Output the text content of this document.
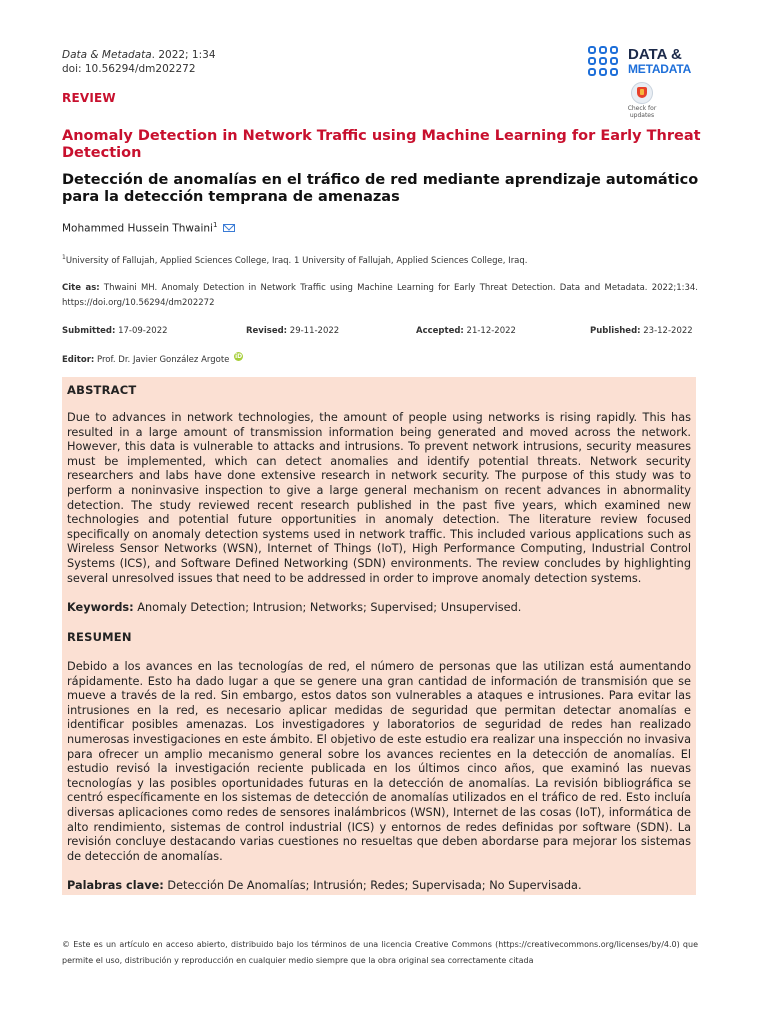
Data & Metadata. 2022; 1:34
doi: 10.56294/dm202272
DATA &
METADATA
Check for
updates
REVIEW
Anomaly Detection in Network Traffic using Machine Learning for Early Threat Detection
Detección de anomalías en el tráfico de red mediante aprendizaje automático para la detección temprana de amenazas
Mohammed Hussein Thwaini$^1$
$^1$University of Fallujah, Applied Sciences College, Iraq. 1 University of Fallujah, Applied Sciences College, Iraq.
Cite as: Thwaini MH. Anomaly Detection in Network Traffic using Machine Learning for Early Threat Detection. Data and Metadata. 2022;1:34. https://doi.org/10.56294/dm202272
Submitted: 17-09-2022	Revised: 29-11-2022	Accepted: 21-12-2022	Published: 23-12-2022
Editor: Prof. Dr. Javier González Argote iD
ABSTRACT
Due to advances in network technologies, the amount of people using networks is rising rapidly. This has resulted in a large amount of transmission information being generated and moved across the network. However, this data is vulnerable to attacks and intrusions. To prevent network intrusions, security measures must be implemented, which can detect anomalies and identify potential threats. Network security researchers and labs have done extensive research in network security. The purpose of this study was to perform a noninvasive inspection to give a large general mechanism on recent advances in abnormality detection. The study reviewed recent research published in the past five years, which examined new technologies and potential future opportunities in anomaly detection. The literature review focused specifically on anomaly detection systems used in network traffic. This included various applications such as Wireless Sensor Networks (WSN), Internet of Things (IoT), High Performance Computing, Industrial Control Systems (ICS), and Software Defined Networking (SDN) environments. The review concludes by highlighting several unresolved issues that need to be addressed in order to improve anomaly detection systems.
Keywords: Anomaly Detection; Intrusion; Networks; Supervised; Unsupervised.
RESUMEN
Debido a los avances en las tecnologías de red, el número de personas que las utilizan está aumentando rápidamente. Esto ha dado lugar a que se genere una gran cantidad de información de transmisión que se mueve a través de la red. Sin embargo, estos datos son vulnerables a ataques e intrusiones. Para evitar las intrusiones en la red, es necesario aplicar medidas de seguridad que permitan detectar anomalías e identificar posibles amenazas. Los investigadores y laboratorios de seguridad de redes han realizado numerosas investigaciones en este ámbito. El objetivo de este estudio era realizar una inspección no invasiva para ofrecer un amplio mecanismo general sobre los avances recientes en la detección de anomalías. El estudio revisó la investigación reciente publicada en los últimos cinco años, que examinó las nuevas tecnologías y las posibles oportunidades futuras en la detección de anomalías. La revisión bibliográfica se centró específicamente en los sistemas de detección de anomalías utilizados en el tráfico de red. Esto incluía diversas aplicaciones como redes de sensores inalámbricos (WSN), Internet de las cosas (IoT), informática de alto rendimiento, sistemas de control industrial (ICS) y entornos de redes definidas por software (SDN). La revisión concluye destacando varias cuestiones no resueltas que deben abordarse para mejorar los sistemas de detección de anomalías.
Palabras clave: Detección De Anomalías; Intrusión; Redes; Supervisada; No Supervisada.
© Este es un artículo en acceso abierto, distribuido bajo los términos de una licencia Creative Commons (https://creativecommons.org/licenses/by/4.0) que permite el uso, distribución y reproducción en cualquier medio siempre que la obra original sea correctamente citada
